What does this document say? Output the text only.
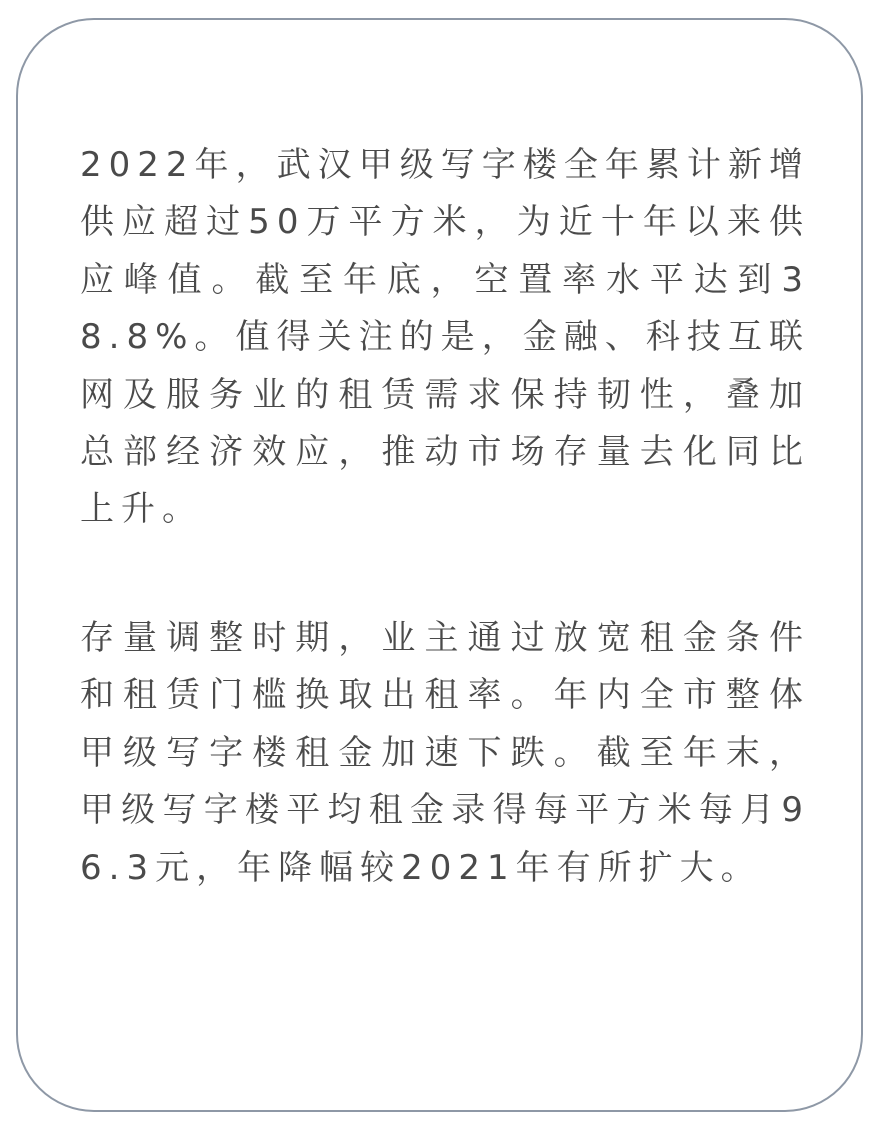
2022年，武汉甲级写字楼全年累计新增供应超过50万平方米，为近十年以来供应峰值。截至年底，空置率水平达到38.8%。值得关注的是，金融、科技互联网及服务业的租赁需求保持韧性，叠加总部经济效应，推动市场存量去化同比上升。

存量调整时期，业主通过放宽租金条件和租赁门槛换取出租率。年内全市整体甲级写字楼租金加速下跌。截至年末，甲级写字楼平均租金录得每平方米每月96.3元，年降幅较2021年有所扩大。
